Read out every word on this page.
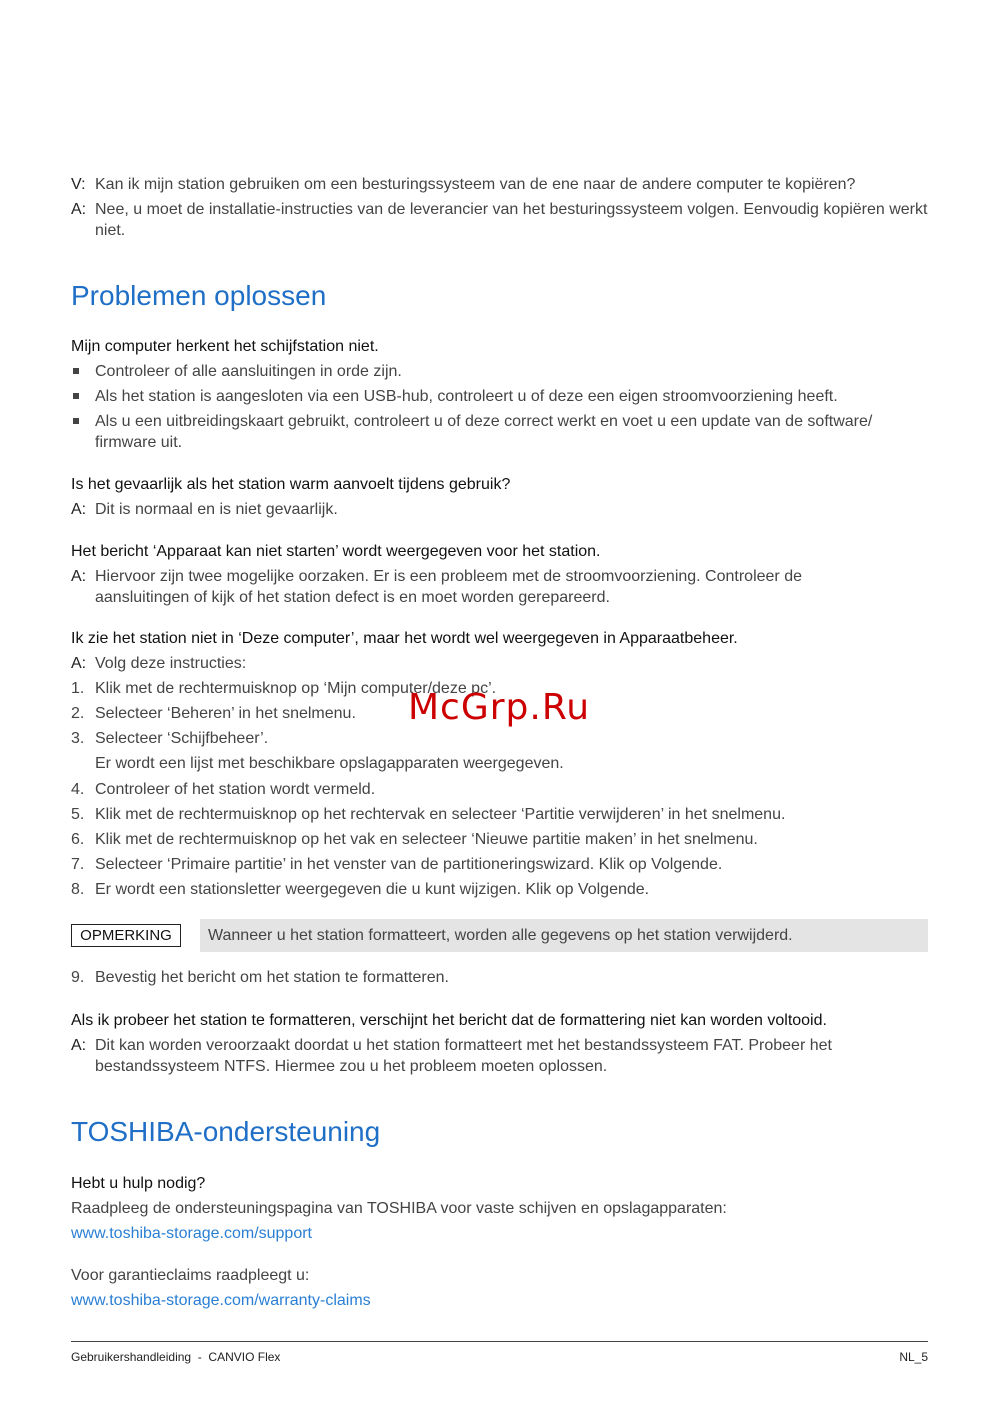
V: Kan ik mijn station gebruiken om een besturingssysteem van de ene naar de andere computer te kopiëren?
A: Nee, u moet de installatie-instructies van de leverancier van het besturingssysteem volgen. Eenvoudig kopiëren werkt niet.
Problemen oplossen
Mijn computer herkent het schijfstation niet.
Controleer of alle aansluitingen in orde zijn.
Als het station is aangesloten via een USB-hub, controleert u of deze een eigen stroomvoorziening heeft.
Als u een uitbreidingskaart gebruikt, controleert u of deze correct werkt en voet u een update van de software/ firmware uit.
Is het gevaarlijk als het station warm aanvoelt tijdens gebruik?
A: Dit is normaal en is niet gevaarlijk.
Het bericht ‘Apparaat kan niet starten’ wordt weergegeven voor het station.
A: Hiervoor zijn twee mogelijke oorzaken. Er is een probleem met de stroomvoorziening. Controleer de aansluitingen of kijk of het station defect is en moet worden gerepareerd.
Ik zie het station niet in ‘Deze computer’, maar het wordt wel weergegeven in Apparaatbeheer.
A: Volg deze instructies:
1. Klik met de rechtermuisknop op ‘Mijn computer/deze pc’.
2. Selecteer ‘Beheren’ in het snelmenu.
3. Selecteer ‘Schijfbeheer’.
Er wordt een lijst met beschikbare opslagapparaten weergegeven.
4. Controleer of het station wordt vermeld.
5. Klik met de rechtermuisknop op het rechtervak en selecteer ‘Partitie verwijderen’ in het snelmenu.
6. Klik met de rechtermuisknop op het vak en selecteer ‘Nieuwe partitie maken’ in het snelmenu.
7. Selecteer ‘Primaire partitie’ in het venster van de partitioneringswizard. Klik op Volgende.
8. Er wordt een stationsletter weergegeven die u kunt wijzigen. Klik op Volgende.
OPMERKING	Wanneer u het station formatteert, worden alle gegevens op het station verwijderd.
9. Bevestig het bericht om het station te formatteren.
Als ik probeer het station te formatteren, verschijnt het bericht dat de formattering niet kan worden voltooid.
A: Dit kan worden veroorzaakt doordat u het station formatteert met het bestandssysteem FAT. Probeer het bestandssysteem NTFS. Hiermee zou u het probleem moeten oplossen.
TOSHIBA-ondersteuning
Hebt u hulp nodig?
Raadpleeg de ondersteuningspagina van TOSHIBA voor vaste schijven en opslagapparaten:
www.toshiba-storage.com/support
Voor garantieclaims raadpleegt u:
www.toshiba-storage.com/warranty-claims
Gebruikershandleiding  -  CANVIO Flex	NL_5
McGrp.Ru
